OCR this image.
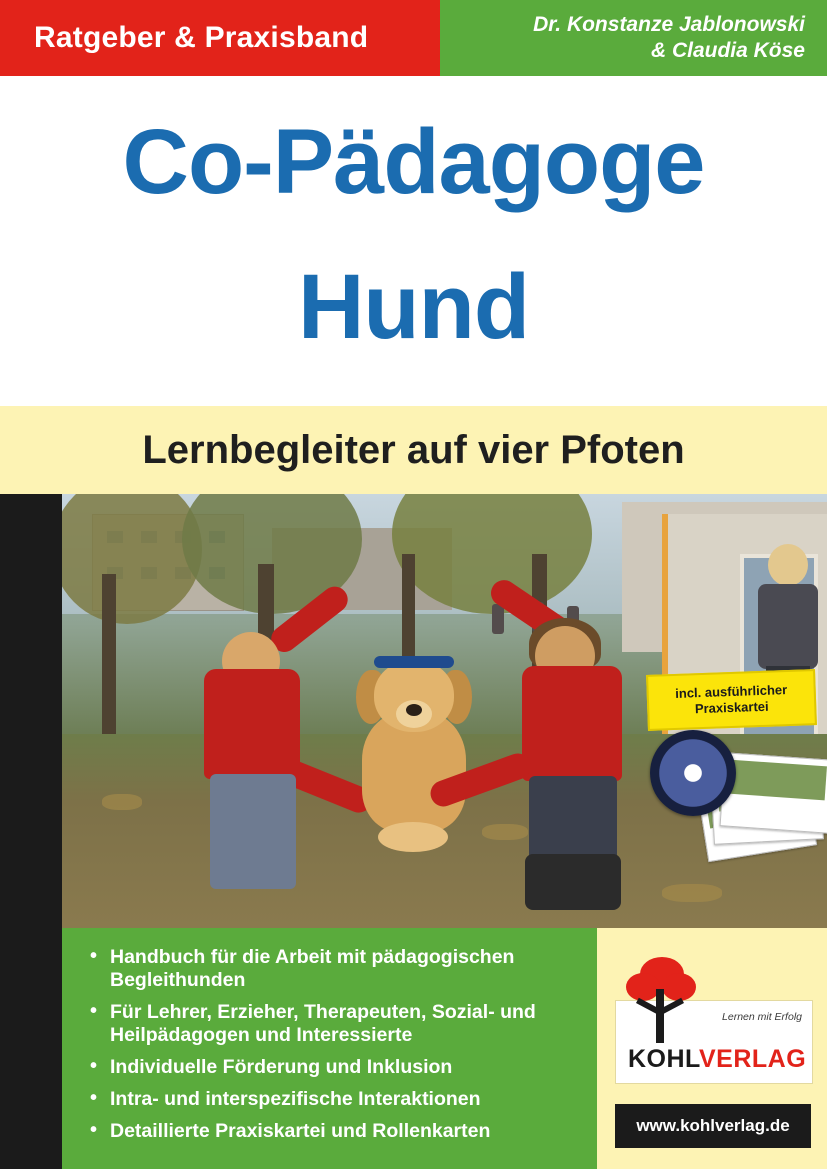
Ratgeber & Praxisband	Dr. Konstanze Jablonowski
& Claudia Köse
Co-Pädagoge
Hund
Lernbegleiter auf vier Pfoten
incl. ausführlicher
Praxiskartei
• Handbuch für die Arbeit mit pädagogischen Begleithunden
• Für Lehrer, Erzieher, Therapeuten, Sozial- und Heilpädagogen und Interessierte
• Individuelle Förderung und Inklusion
• Intra- und interspezifische Interaktionen
• Detaillierte Praxiskartei und Rollenkarten
Lernen mit Erfolg
KOHLVERLAG
www.kohlverlag.de
